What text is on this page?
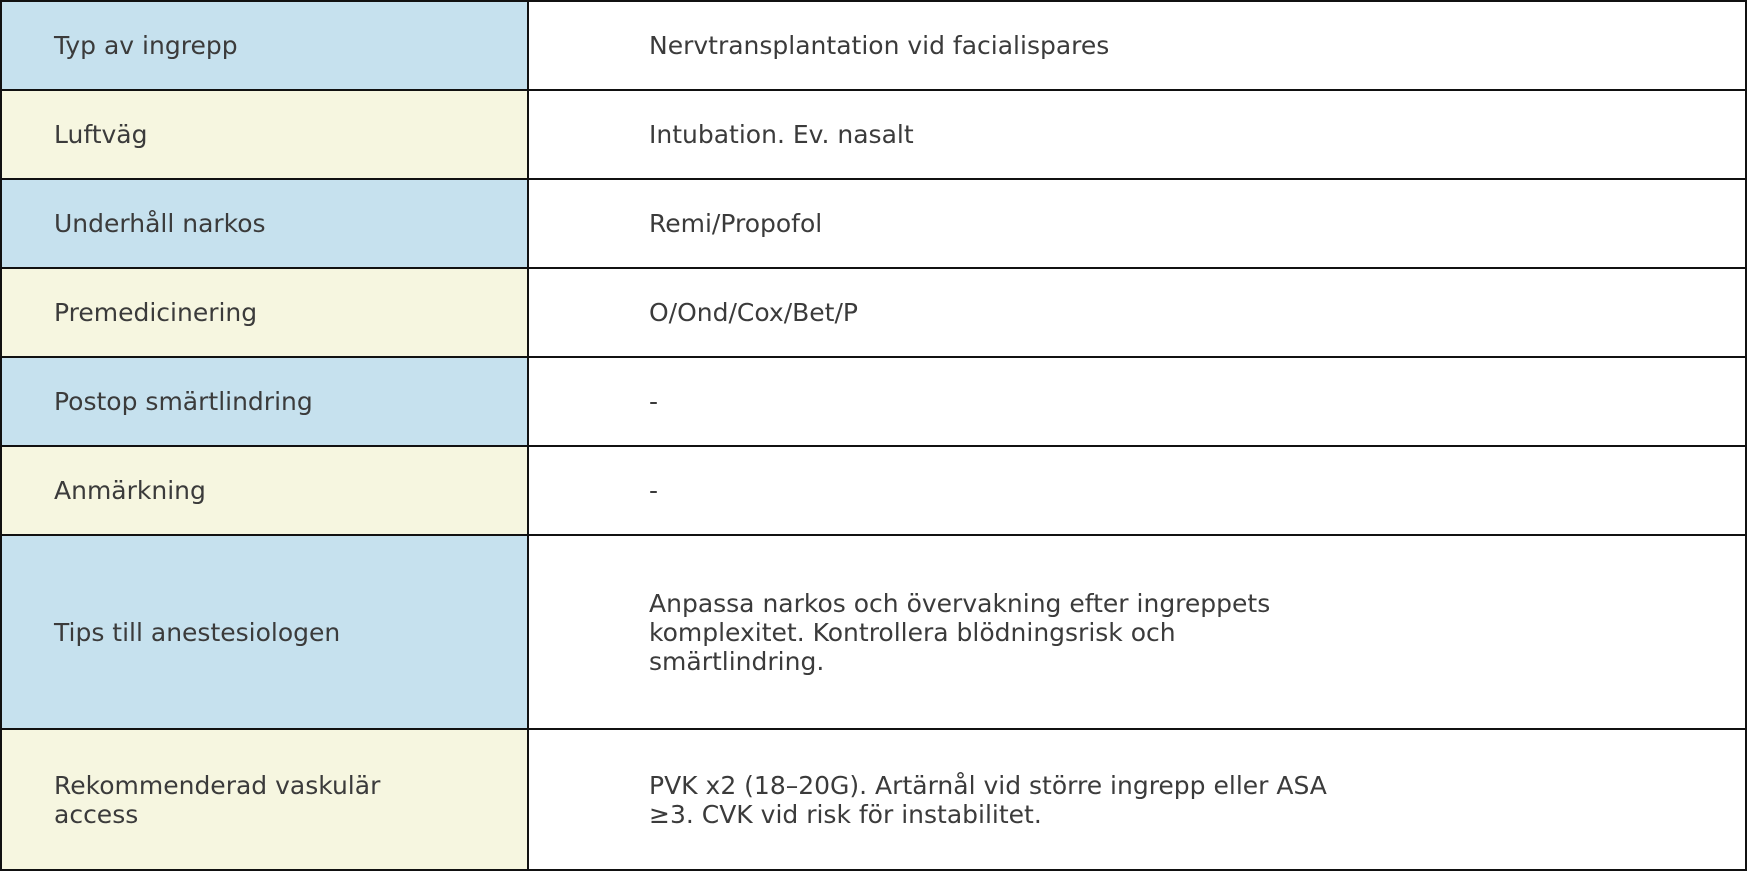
Typ av ingrepp	Nervtransplantation vid facialispares

Luftväg	Intubation. Ev. nasalt

Underhåll narkos	Remi/Propofol

Premedicinering	O/Ond/Cox/Bet/P

Postop smärtlindring	-

Anmärkning	-

Tips till anestesiologen	Anpassa narkos och övervakning efter ingreppets
komplexitet. Kontrollera blödningsrisk och
smärtlindring.

Rekommenderad vaskulär
access	PVK x2 (18–20G). Artärnål vid större ingrepp eller ASA
≥3. CVK vid risk för instabilitet.
